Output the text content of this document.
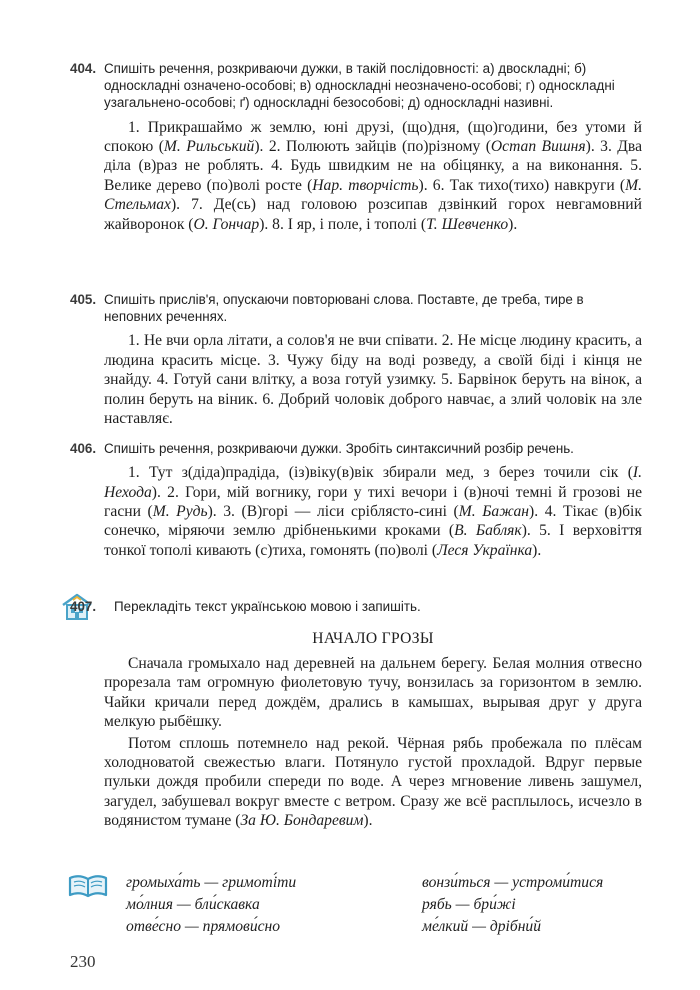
404. Спишіть речення, розкриваючи дужки, в такій послідовності: а) двоскладні; б) односкладні означено-особові; в) односкладні неозначено-особові; г) односкладні узагальнено-особові; ґ) односкладні безособові; д) односкладні називні.

1. Прикрашаймо ж землю, юні друзі, (що)дня, (що)години, без утоми й спокою (М. Рильський). 2. Полюють зайців (по)різному (Остап Вишня). 3. Два діла (в)раз не роблять. 4. Будь швидким не на обіцянку, а на виконання. 5. Велике дерево (по)волі росте (Нар. творчість). 6. Так тихо(тихо) навкруги (М. Стельмах). 7. Де(сь) над головою розсипав дзвінкий горох невгамовний жайворонок (О. Гончар). 8. І яр, і поле, і тополі (Т. Шевченко).

405. Спишіть прислів'я, опускаючи повторювані слова. Поставте, де треба, тире в неповних реченнях.

1. Не вчи орла літати, а солов'я не вчи співати. 2. Не місце людину красить, а людина красить місце. 3. Чужу біду на воді розведу, а своїй біді і кінця не знайду. 4. Готуй сани влітку, а воза готуй узимку. 5. Барвінок беруть на вінок, а полин беруть на віник. 6. Добрий чоловік доброго навчає, а злий чоловік на зле наставляє.

406. Спишіть речення, розкриваючи дужки. Зробіть синтаксичний розбір речень.

1. Тут з(діда)прадіда, (із)віку(в)вік збирали мед, з берез точили сік (І. Нехода). 2. Гори, мій вогнику, гори у тихі вечори і (в)ночі темні й грозові не гасни (М. Рудь). 3. (В)горі — ліси сріблясто-сині (М. Бажан). 4. Тікає (в)бік сонечко, міряючи землю дрібненькими кроками (В. Бабляк). 5. І верховіття тонкої тополі кивають (с)тиха, гомонять (по)волі (Леся Українка).

407. Перекладіть текст українською мовою і запишіть.

НАЧАЛО ГРОЗЫ

Сначала громыхало над деревней на дальнем берегу. Белая молния отвесно прорезала там огромную фиолетовую тучу, вонзилась за горизонтом в землю. Чайки кричали перед дождём, дрались в камышах, вырывая друг у друга мелкую рыбёшку.

Потом сплошь потемнело над рекой. Чёрная рябь пробежала по плёсам холодноватой свежестью влаги. Потянуло густой прохладой. Вдруг первые пульки дождя пробили спереди по воде. А через мгновение ливень зашумел, загудел, забушевал вокруг вместе с ветром. Сразу же всё расплылось, исчезло в водянистом тумане (За Ю. Бондаревим).

громыха́ть — гримоті́ти	вонзи́ться — устроми́тися
мо́лния — бли́скавка	рябь — бри́жі
отве́сно — прямови́сно	ме́лкий — дрібни́й
230
